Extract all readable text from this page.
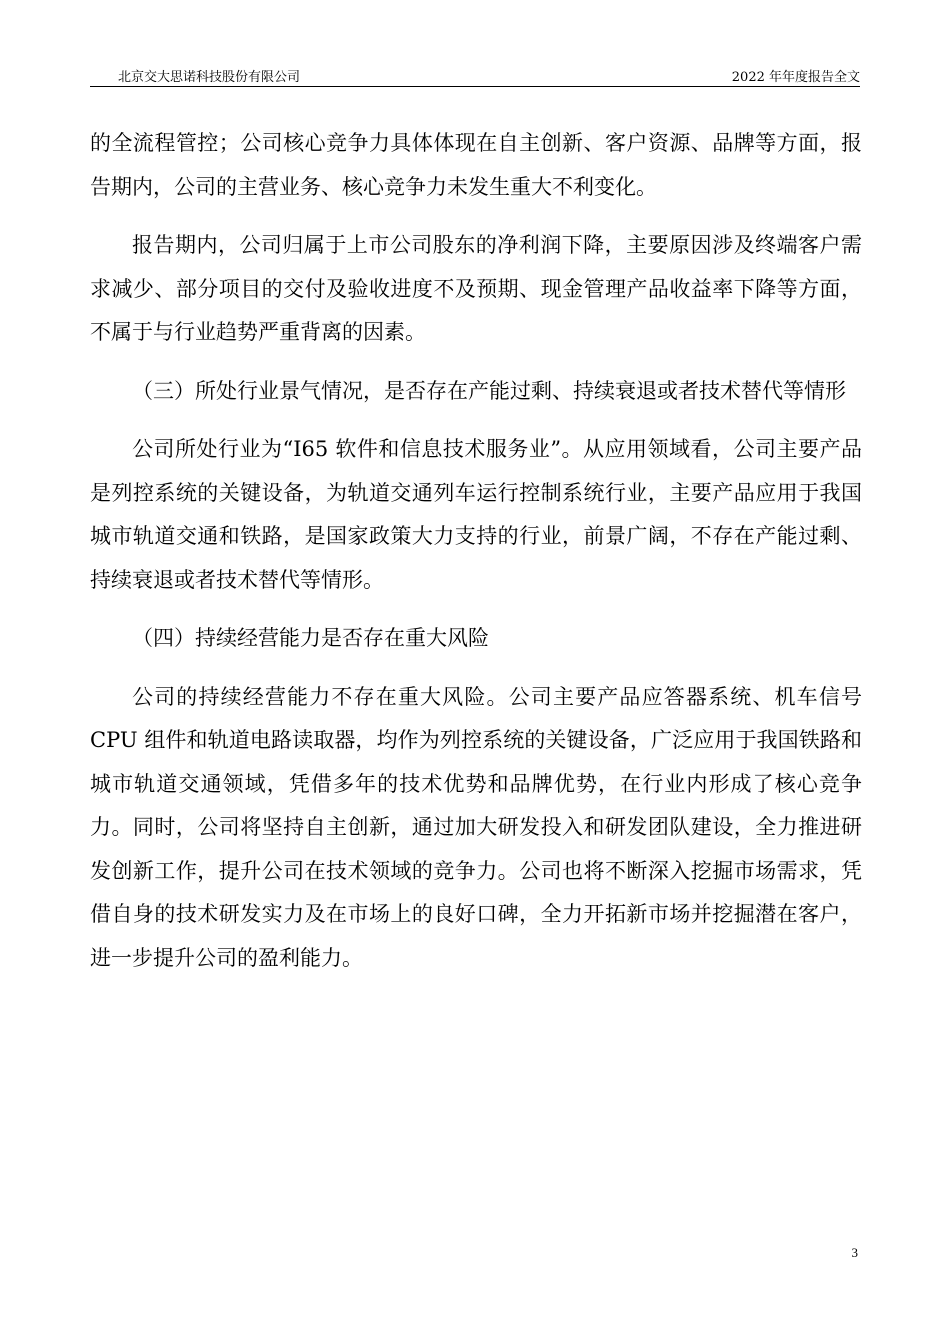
北京交大思诺科技股份有限公司	2022 年年度报告全文

的全流程管控；公司核心竞争力具体体现在自主创新、客户资源、品牌等方面，报告期内，公司的主营业务、核心竞争力未发生重大不利变化。

报告期内，公司归属于上市公司股东的净利润下降，主要原因涉及终端客户需求减少、部分项目的交付及验收进度不及预期、现金管理产品收益率下降等方面，不属于与行业趋势严重背离的因素。

（三）所处行业景气情况，是否存在产能过剩、持续衰退或者技术替代等情形

公司所处行业为“I65 软件和信息技术服务业”。从应用领域看，公司主要产品是列控系统的关键设备，为轨道交通列车运行控制系统行业，主要产品应用于我国城市轨道交通和铁路，是国家政策大力支持的行业，前景广阔，不存在产能过剩、持续衰退或者技术替代等情形。

（四）持续经营能力是否存在重大风险

公司的持续经营能力不存在重大风险。公司主要产品应答器系统、机车信号 CPU 组件和轨道电路读取器，均作为列控系统的关键设备，广泛应用于我国铁路和城市轨道交通领域，凭借多年的技术优势和品牌优势，在行业内形成了核心竞争力。同时，公司将坚持自主创新，通过加大研发投入和研发团队建设，全力推进研发创新工作，提升公司在技术领域的竞争力。公司也将不断深入挖掘市场需求，凭借自身的技术研发实力及在市场上的良好口碑，全力开拓新市场并挖掘潜在客户，进一步提升公司的盈利能力。

3
